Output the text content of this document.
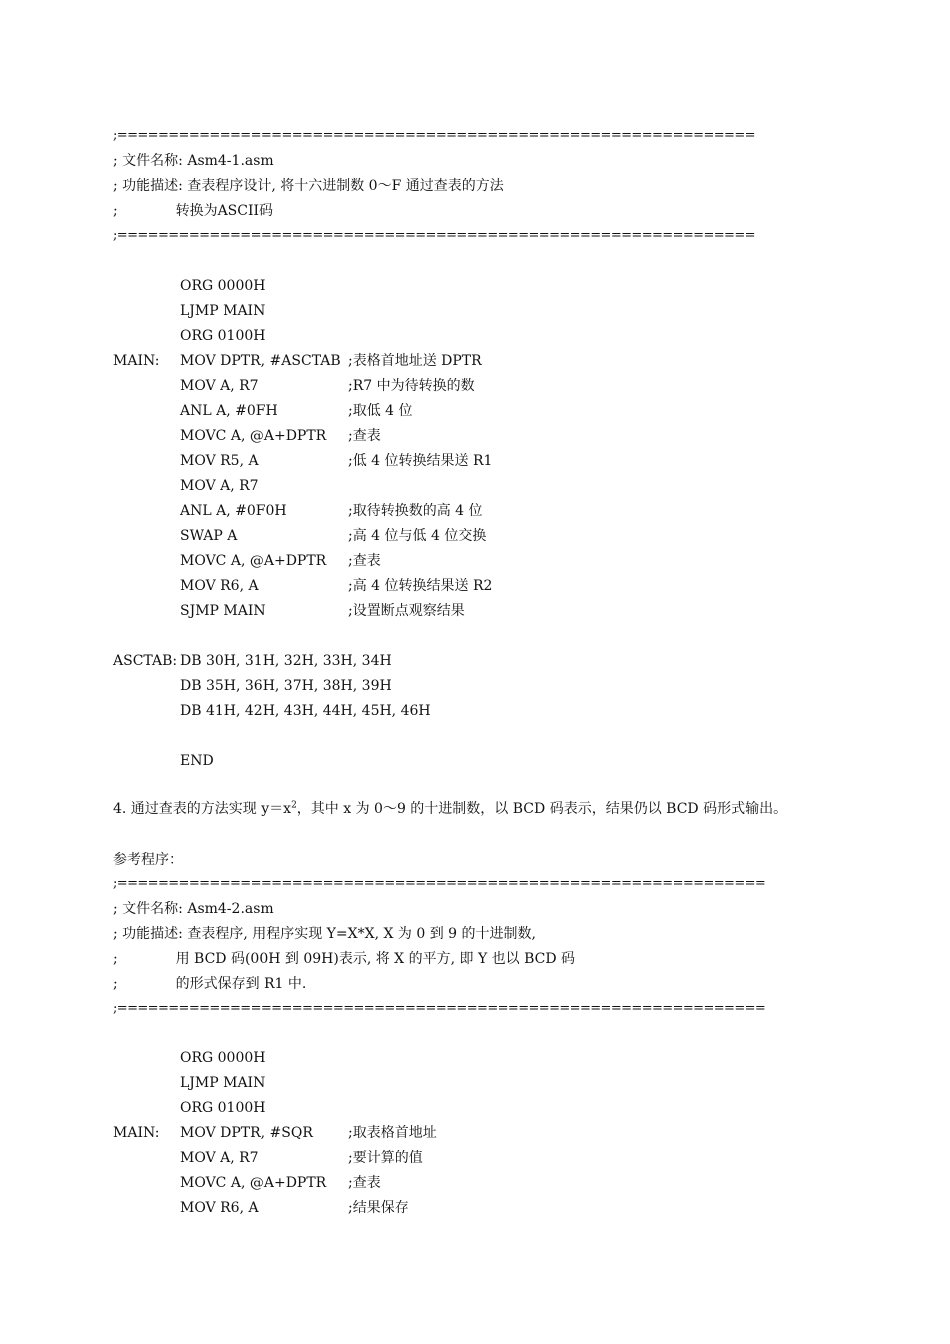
;==============================================================
; 文件名称: Asm4-1.asm
; 功能描述: 查表程序设计, 将十六进制数 0～F 通过查表的方法
;             转换为ASCII码
;==============================================================
ORG 0000H
LJMP MAIN
ORG 0100H
MAIN: MOV DPTR, #ASCTAB ;表格首地址送 DPTR
MOV A, R7	;R7 中为待转换的数
ANL A, #0FH	;取低 4 位
MOVC A, @A+DPTR ;查表
MOV R5, A	;低 4 位转换结果送 R1
MOV A, R7
ANL A, #0F0H	;取待转换数的高 4 位
SWAP A	;高 4 位与低 4 位交换
MOVC A, @A+DPTR ;查表
MOV R6, A	;高 4 位转换结果送 R2
SJMP MAIN	;设置断点观察结果
ASCTAB: DB 30H, 31H, 32H, 33H, 34H
DB 35H, 36H, 37H, 38H, 39H
DB 41H, 42H, 43H, 44H, 45H, 46H
END
4. 通过查表的方法实现 $y=x^2$，其中 x 为 0～9 的十进制数，以 BCD 码表示，结果仍以 BCD 码形式输出。
参考程序：
;===============================================================
; 文件名称: Asm4-2.asm
; 功能描述: 查表程序, 用程序实现 Y=X*X, X 为 0 到 9 的十进制数,
;             用 BCD 码(00H 到 09H)表示, 将 X 的平方, 即 Y 也以 BCD 码
;             的形式保存到 R1 中.
;===============================================================
ORG 0000H
LJMP MAIN
ORG 0100H
MAIN: MOV DPTR, #SQR	;取表格首地址
MOV A, R7	;要计算的值
MOVC A, @A+DPTR ;查表
MOV R6, A	;结果保存
